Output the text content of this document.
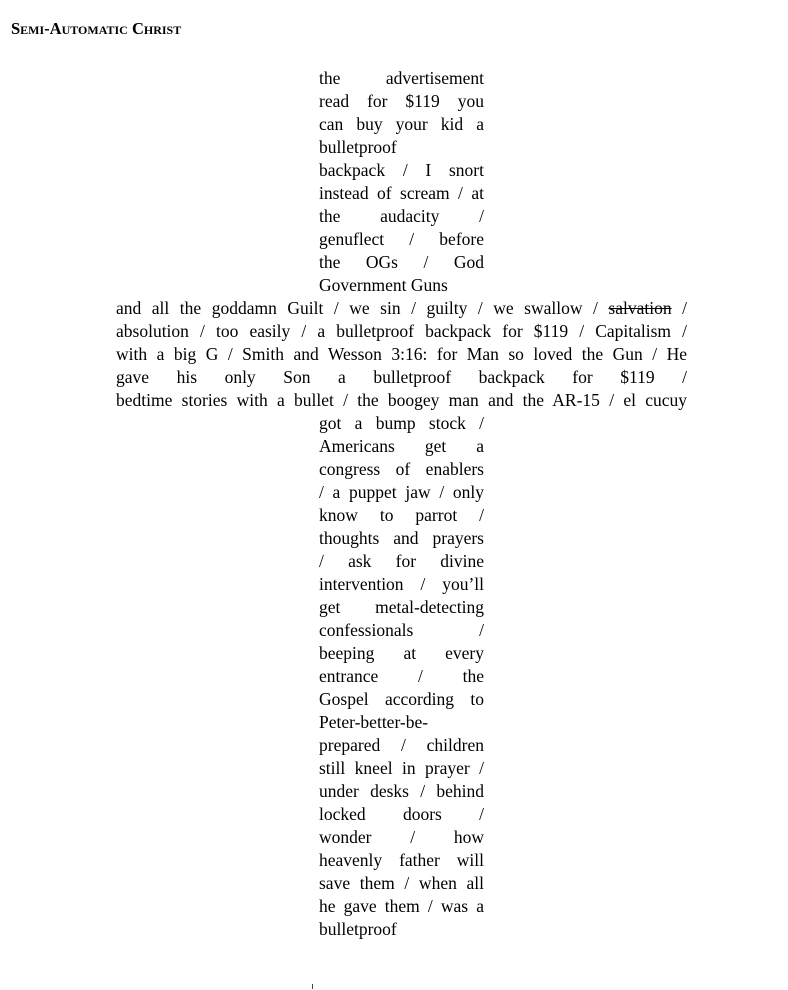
Semi-Automatic Christ
the advertisement
read for $119 you
can buy your kid a
bulletproof
backpack / I snort
instead of scream / at
the audacity /
genuflect / before
the OGs / God
Government Guns
and all the goddamn Guilt / we sin / guilty / we swallow / salvation /
absolution / too easily / a bulletproof backpack for $119 / Capitalism /
with a big G / Smith and Wesson 3:16: for Man so loved the Gun / He
gave his only Son a bulletproof backpack for $119 /
bedtime stories with a bullet / the boogey man and the AR-15 / el cucuy
got a bump stock /
Americans get a
congress of enablers
/ a puppet jaw / only
know to parrot /
thoughts and prayers
/ ask for divine
intervention / you’ll
get metal-detecting
confessionals /
beeping at every
entrance / the
Gospel according to
Peter-better-be-
prepared / children
still kneel in prayer /
under desks / behind
locked doors /
wonder / how
heavenly father will
save them / when all
he gave them / was a
bulletproof
